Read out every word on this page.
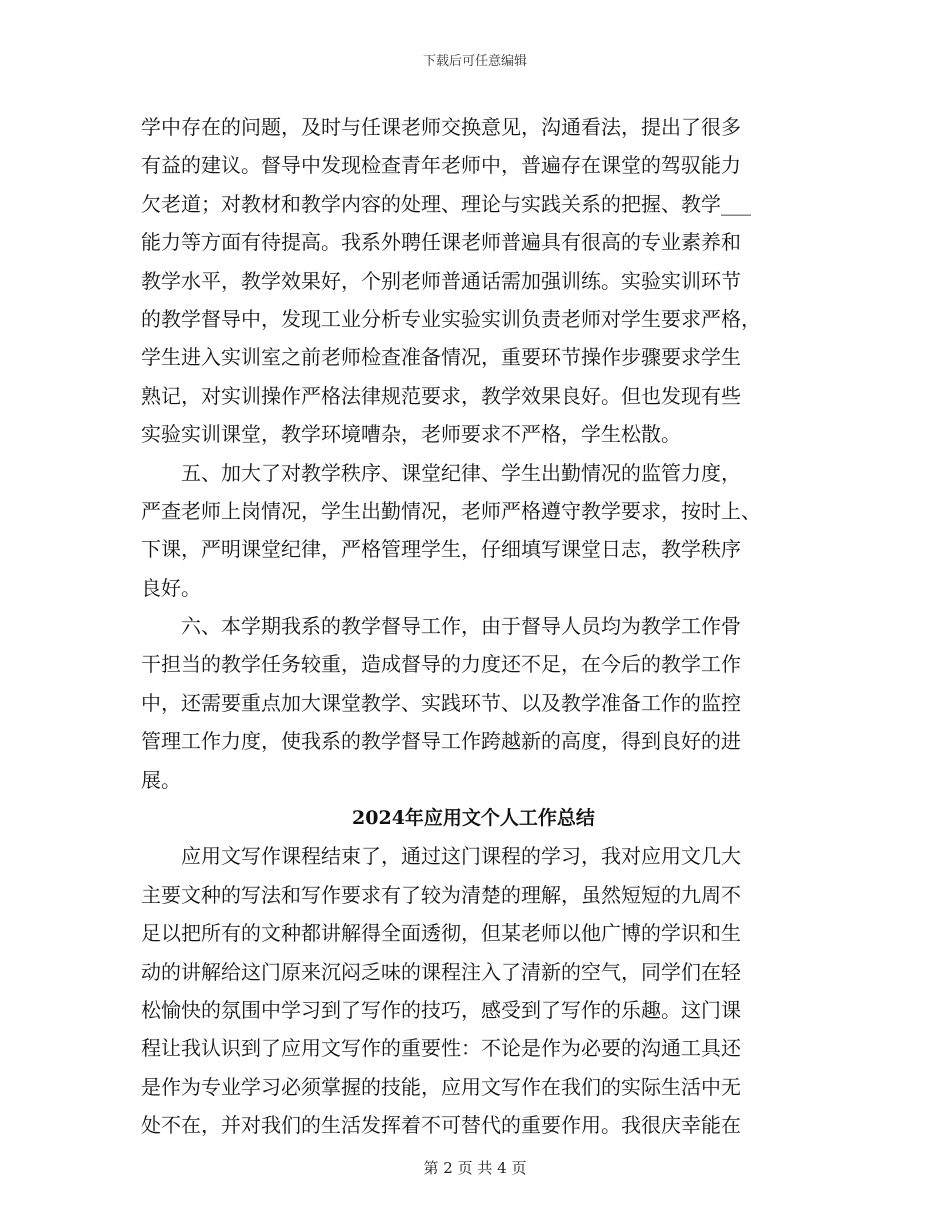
下载后可任意编辑
学中存在的问题，及时与任课老师交换意见，沟通看法，提出了很多
有益的建议。督导中发现检查青年老师中，普遍存在课堂的驾驭能力
欠老道；对教材和教学内容的处理、理论与实践关系的把握、教学___
能力等方面有待提高。我系外聘任课老师普遍具有很高的专业素养和
教学水平，教学效果好，个别老师普通话需加强训练。实验实训环节
的教学督导中，发现工业分析专业实验实训负责老师对学生要求严格，
学生进入实训室之前老师检查准备情况，重要环节操作步骤要求学生
熟记，对实训操作严格法律规范要求，教学效果良好。但也发现有些
实验实训课堂，教学环境嘈杂，老师要求不严格，学生松散。
　　五、加大了对教学秩序、课堂纪律、学生出勤情况的监管力度，
严查老师上岗情况，学生出勤情况，老师严格遵守教学要求，按时上、
下课，严明课堂纪律，严格管理学生，仔细填写课堂日志，教学秩序
良好。
　　六、本学期我系的教学督导工作，由于督导人员均为教学工作骨
干担当的教学任务较重，造成督导的力度还不足，在今后的教学工作
中，还需要重点加大课堂教学、实践环节、以及教学准备工作的监控
管理工作力度，使我系的教学督导工作跨越新的高度，得到良好的进
展。
2024年应用文个人工作总结
　　应用文写作课程结束了，通过这门课程的学习，我对应用文几大
主要文种的写法和写作要求有了较为清楚的理解，虽然短短的九周不
足以把所有的文种都讲解得全面透彻，但某老师以他广博的学识和生
动的讲解给这门原来沉闷乏味的课程注入了清新的空气，同学们在轻
松愉快的氛围中学习到了写作的技巧，感受到了写作的乐趣。这门课
程让我认识到了应用文写作的重要性：不论是作为必要的沟通工具还
是作为专业学习必须掌握的技能，应用文写作在我们的实际生活中无
处不在，并对我们的生活发挥着不可替代的重要作用。我很庆幸能在
第 2 页 共 4 页
